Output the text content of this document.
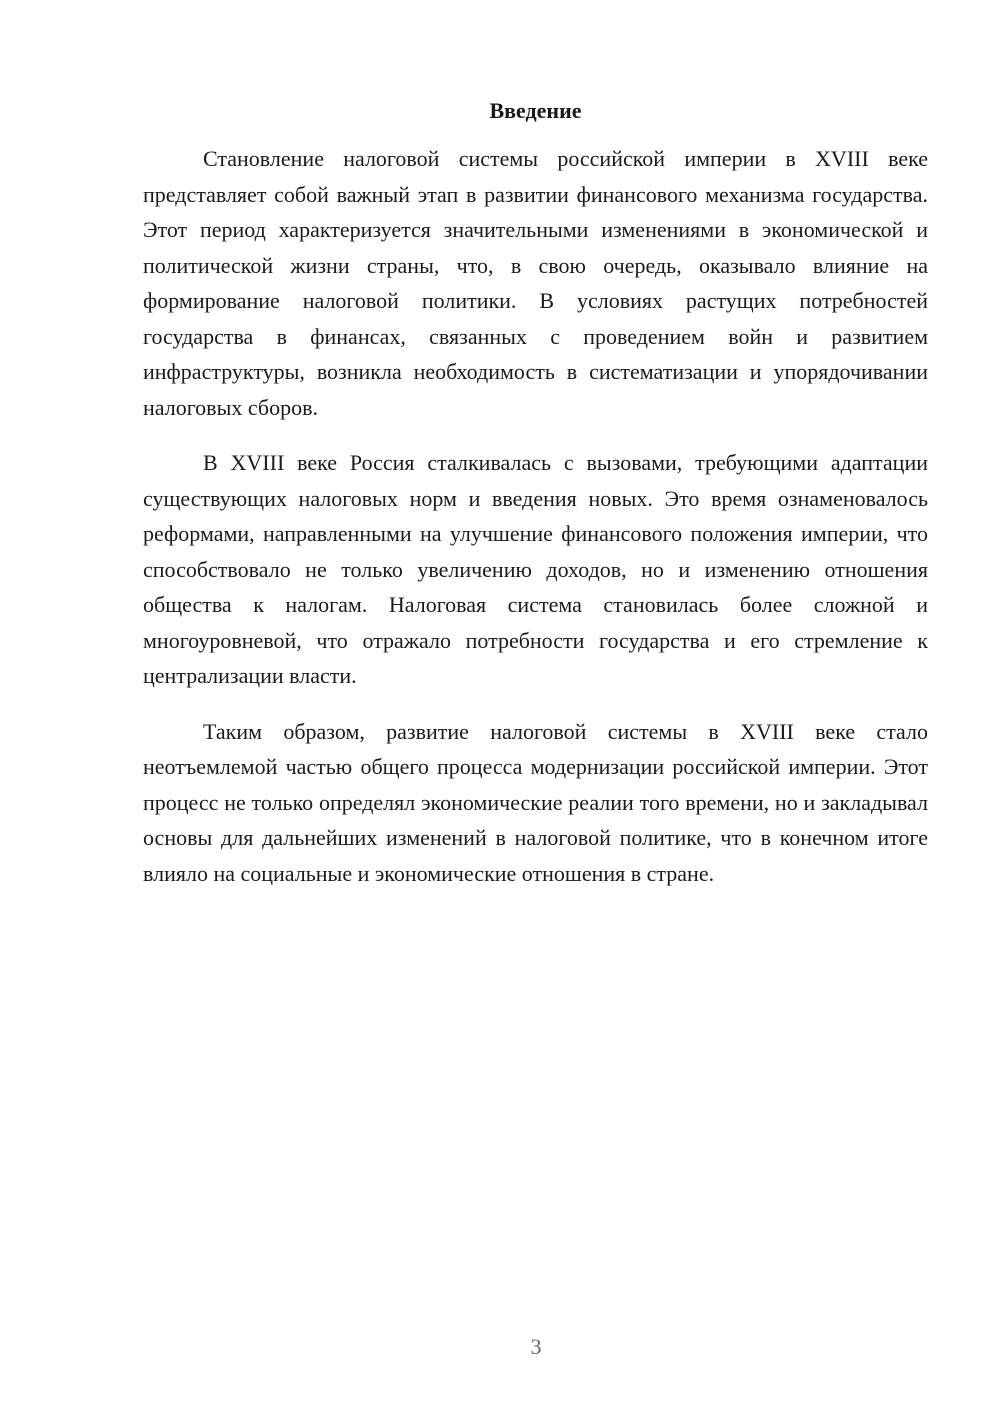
Введение

Становление налоговой системы российской империи в XVIII веке представляет собой важный этап в развитии финансового механизма государства. Этот период характеризуется значительными изменениями в экономической и политической жизни страны, что, в свою очередь, оказывало влияние на формирование налоговой политики. В условиях растущих потребностей государства в финансах, связанных с проведением войн и развитием инфраструктуры, возникла необходимость в систематизации и упорядочивании налоговых сборов.

В XVIII веке Россия сталкивалась с вызовами, требующими адаптации существующих налоговых норм и введения новых. Это время ознаменовалось реформами, направленными на улучшение финансового положения империи, что способствовало не только увеличению доходов, но и изменению отношения общества к налогам. Налоговая система становилась более сложной и многоуровневой, что отражало потребности государства и его стремление к централизации власти.

Таким образом, развитие налоговой системы в XVIII веке стало неотъемлемой частью общего процесса модернизации российской империи. Этот процесс не только определял экономические реалии того времени, но и закладывал основы для дальнейших изменений в налоговой политике, что в конечном итоге влияло на социальные и экономические отношения в стране.

3
